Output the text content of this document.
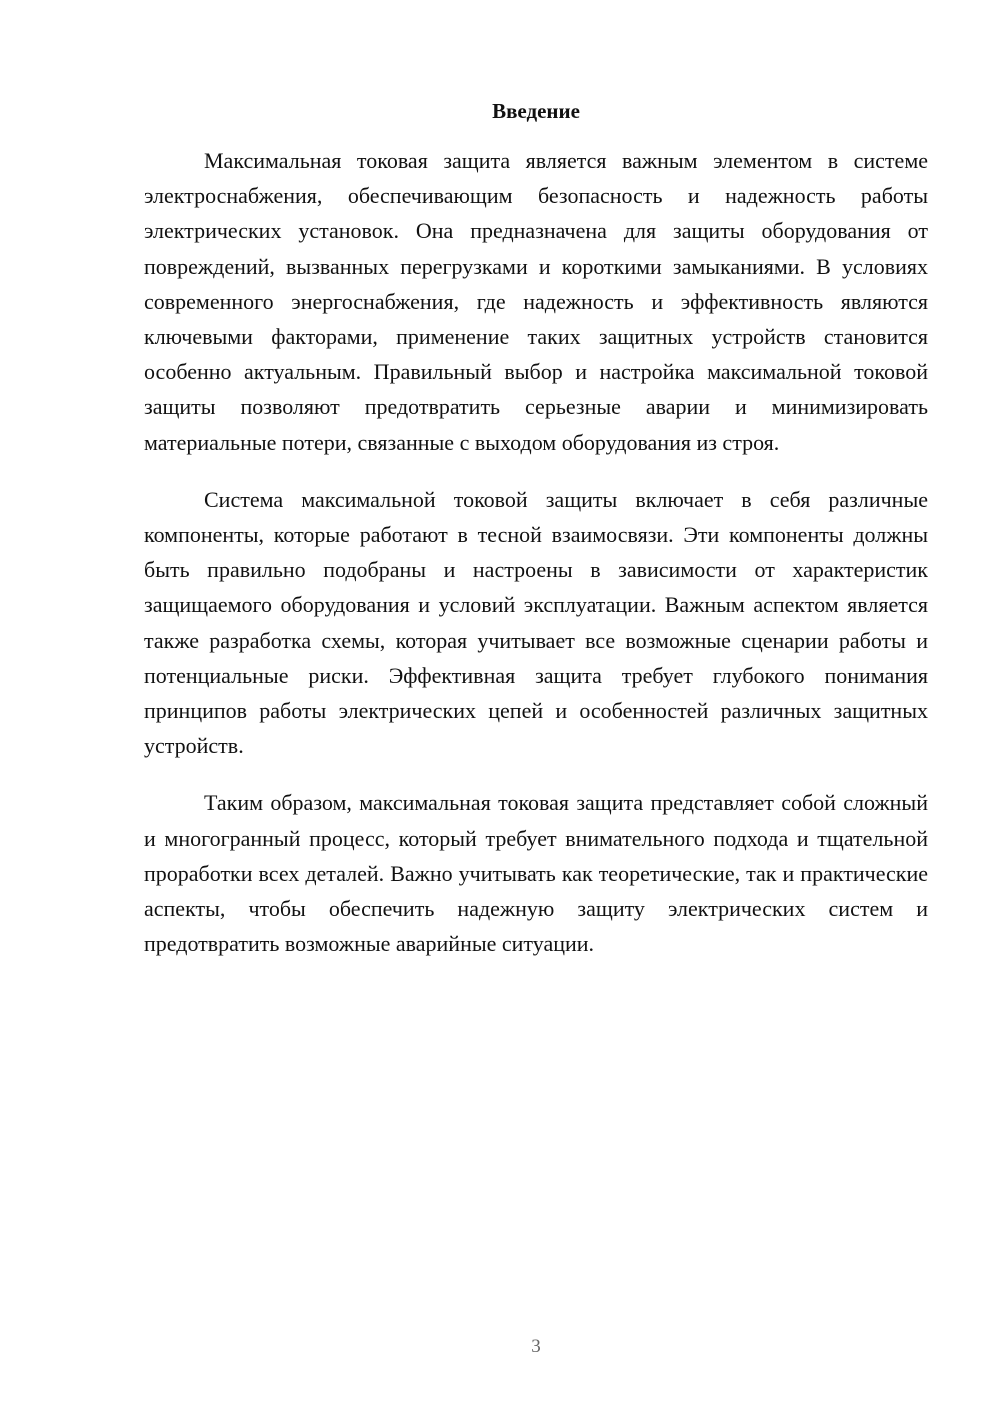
Введение

Максимальная токовая защита является важным элементом в системе электроснабжения, обеспечивающим безопасность и надежность работы электрических установок. Она предназначена для защиты оборудования от повреждений, вызванных перегрузками и короткими замыканиями. В условиях современного энергоснабжения, где надежность и эффективность являются ключевыми факторами, применение таких защитных устройств становится особенно актуальным. Правильный выбор и настройка максимальной токовой защиты позволяют предотвратить серьезные аварии и минимизировать материальные потери, связанные с выходом оборудования из строя.

Система максимальной токовой защиты включает в себя различные компоненты, которые работают в тесной взаимосвязи. Эти компоненты должны быть правильно подобраны и настроены в зависимости от характеристик защищаемого оборудования и условий эксплуатации. Важным аспектом является также разработка схемы, которая учитывает все возможные сценарии работы и потенциальные риски. Эффективная защита требует глубокого понимания принципов работы электрических цепей и особенностей различных защитных устройств.

Таким образом, максимальная токовая защита представляет собой сложный и многогранный процесс, который требует внимательного подхода и тщательной проработки всех деталей. Важно учитывать как теоретические, так и практические аспекты, чтобы обеспечить надежную защиту электрических систем и предотвратить возможные аварийные ситуации.

3
